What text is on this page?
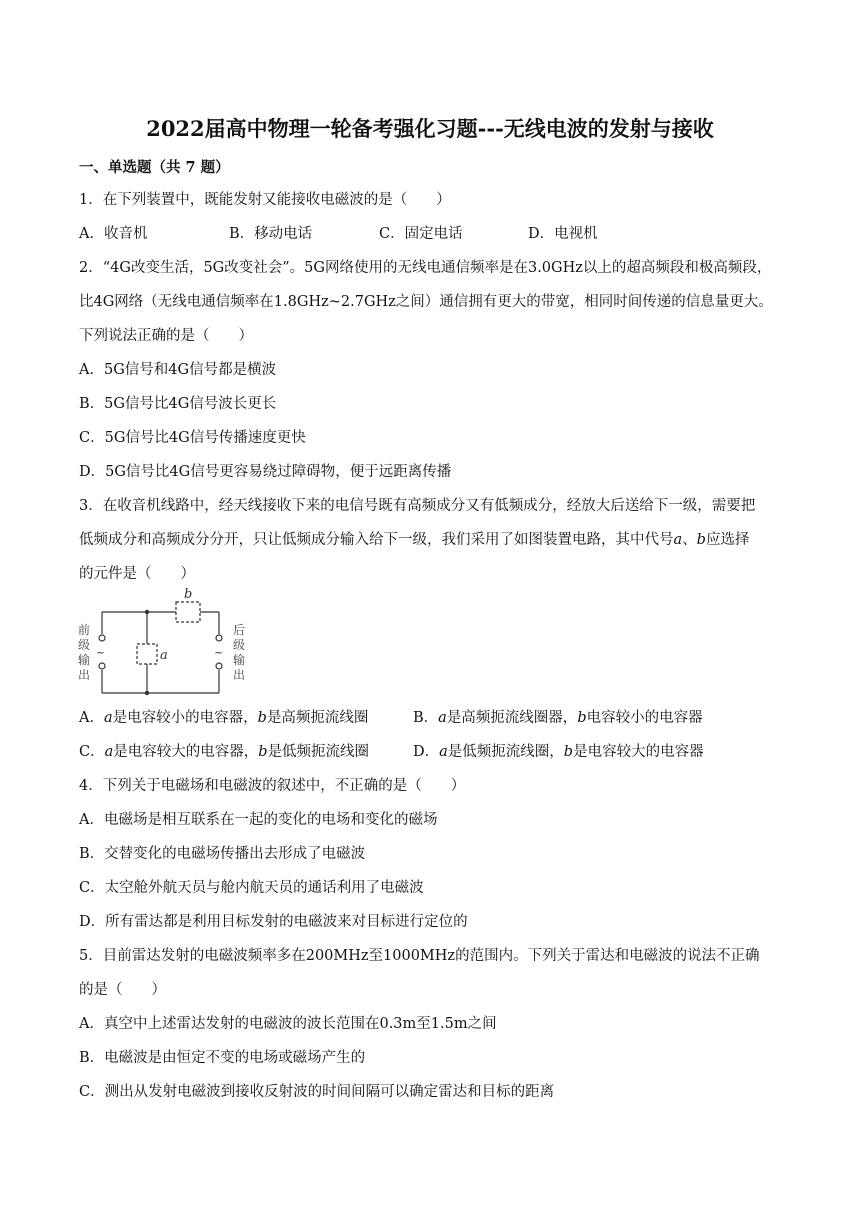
2022届高中物理一轮备考强化习题---无线电波的发射与接收
一、单选题（共 7 题）
1．在下列装置中，既能发射又能接收电磁波的是（　　）
A．收音机	B．移动电话	C．固定电话	D．电视机
2．“4G改变生活，5G改变社会”。5G网络使用的无线电通信频率是在3.0GHz以上的超高频段和极高频段，
比4G网络（无线电通信频率在1.8GHz~2.7GHz之间）通信拥有更大的带宽，相同时间传递的信息量更大。
下列说法正确的是（　　）
A．5G信号和4G信号都是横波
B．5G信号比4G信号波长更长
C．5G信号比4G信号传播速度更快
D．5G信号比4G信号更容易绕过障碍物，便于远距离传播
3．在收音机线路中，经天线接收下来的电信号既有高频成分又有低频成分，经放大后送给下一级，需要把
低频成分和高频成分分开，只让低频成分输入给下一级，我们采用了如图装置电路，其中代号a、b应选择
的元件是（　　）
a
b
~	~
前
级
输
出
后
级
输
出
A．a是电容较小的电容器，b是高频扼流线圈	B．a是高频扼流线圈器，b电容较小的电容器
C．a是电容较大的电容器，b是低频扼流线圈	D．a是低频扼流线圈，b是电容较大的电容器
4．下列关于电磁场和电磁波的叙述中，不正确的是（　　）
A．电磁场是相互联系在一起的变化的电场和变化的磁场
B．交替变化的电磁场传播出去形成了电磁波
C．太空舱外航天员与舱内航天员的通话利用了电磁波
D．所有雷达都是利用目标发射的电磁波来对目标进行定位的
5．目前雷达发射的电磁波频率多在200MHz至1000MHz的范围内。下列关于雷达和电磁波的说法不正确
的是（　　）
A．真空中上述雷达发射的电磁波的波长范围在0.3m至1.5m之间
B．电磁波是由恒定不变的电场或磁场产生的
C．测出从发射电磁波到接收反射波的时间间隔可以确定雷达和目标的距离
